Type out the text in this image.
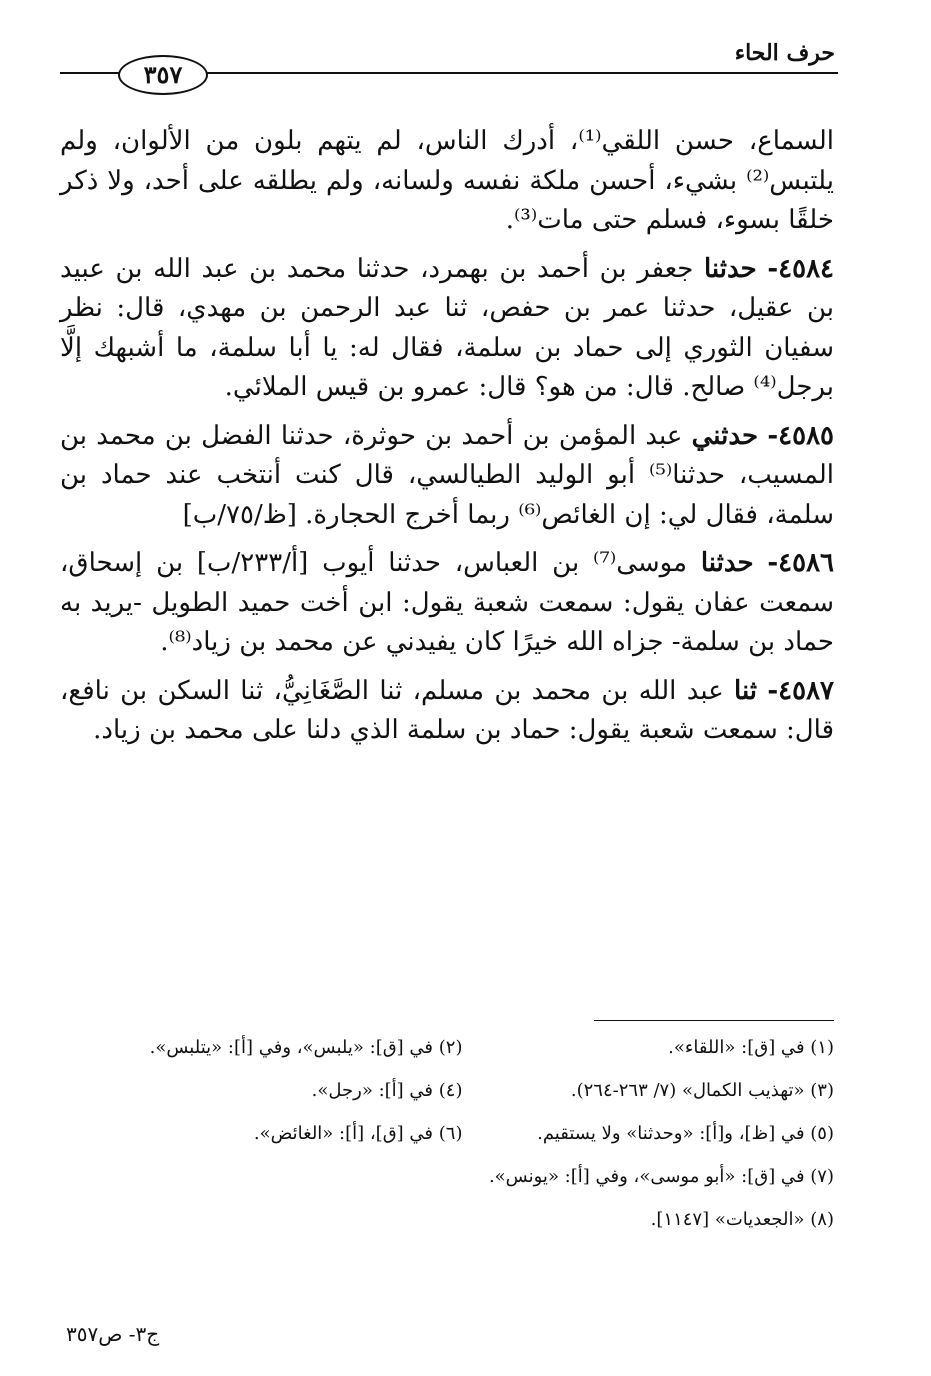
حرف الحاء
٣٥٧

السماع، حسن اللقي⁽¹⁾، أدرك الناس، لم يتهم بلون من الألوان، ولم يلتبس⁽²⁾ بشيء، أحسن ملكة نفسه ولسانه، ولم يطلقه على أحد، ولا ذكر خلقًا بسوء، فسلم حتى مات⁽³⁾.

٤٥٨٤- حدثنا جعفر بن أحمد بن بهمرد، حدثنا محمد بن عبد الله بن عبيد بن عقيل، حدثنا عمر بن حفص، ثنا عبد الرحمن بن مهدي، قال: نظر سفيان الثوري إلى حماد بن سلمة، فقال له: يا أبا سلمة، ما أشبهك إلَّا برجل⁽⁴⁾ صالح. قال: من هو؟ قال: عمرو بن قيس الملائي.

٤٥٨٥- حدثني عبد المؤمن بن أحمد بن حوثرة، حدثنا الفضل بن محمد بن المسيب، حدثنا⁽⁵⁾ أبو الوليد الطيالسي، قال كنت أنتخب عند حماد بن سلمة، فقال لي: إن الغائص⁽⁶⁾ ربما أخرج الحجارة. [ظ/٧٥/ب]

٤٥٨٦- حدثنا موسى⁽⁷⁾ بن العباس، حدثنا أيوب [أ/٢٣٣/ب] بن إسحاق، سمعت عفان يقول: سمعت شعبة يقول: ابن أخت حميد الطويل -يريد به حماد بن سلمة- جزاه الله خيرًا كان يفيدني عن محمد بن زياد⁽⁸⁾.

٤٥٨٧- ثنا عبد الله بن محمد بن مسلم، ثنا الصَّغَانِيُّ، ثنا السكن بن نافع، قال: سمعت شعبة يقول: حماد بن سلمة الذي دلنا على محمد بن زياد.

(١) في [ق]: «اللقاء».
(٢) في [ق]: «يلبس»، وفي [أ]: «يتلبس».
(٣) «تهذيب الكمال» (٧/ ٢٦٣-٢٦٤).
(٤) في [أ]: «رجل».
(٥) في [ظ]، و[أ]: «وحدثنا» ولا يستقيم.
(٦) في [ق]، [أ]: «الغائض».
(٧) في [ق]: «أبو موسى»، وفي [أ]: «يونس».
(٨) «الجعديات» [١١٤٧].
ج٣- ص٣٥٧
